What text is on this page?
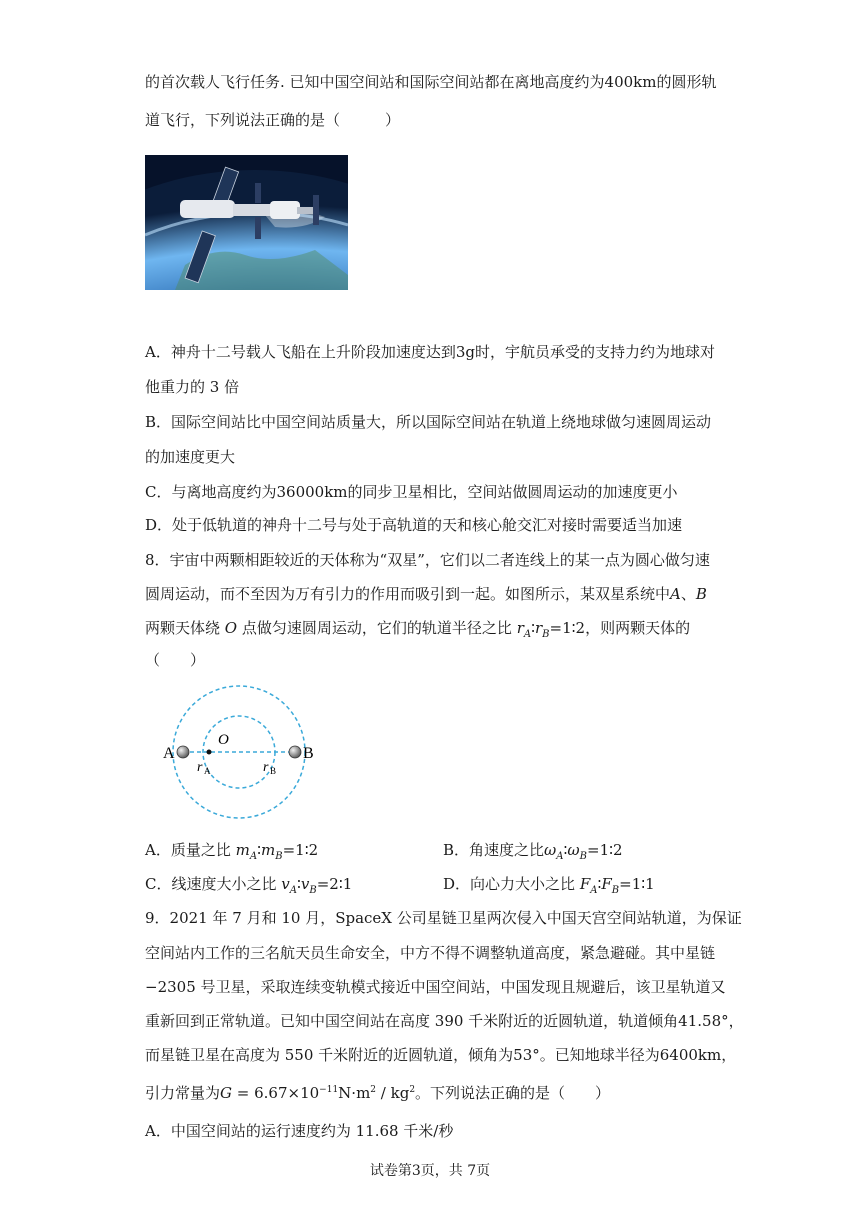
的首次载人飞行任务. 已知中国空间站和国际空间站都在离地高度约为400km的圆形轨
道飞行，下列说法正确的是（　　　）
A．神舟十二号载人飞船在上升阶段加速度达到3g时，宇航员承受的支持力约为地球对
他重力的 3 倍
B．国际空间站比中国空间站质量大，所以国际空间站在轨道上绕地球做匀速圆周运动
的加速度更大
C．与离地高度约为36000km的同步卫星相比，空间站做圆周运动的加速度更小
D．处于低轨道的神舟十二号与处于高轨道的天和核心舱交汇对接时需要适当加速
8．宇宙中两颗相距较近的天体称为“双星”，它们以二者连线上的某一点为圆心做匀速
圆周运动，而不至因为万有引力的作用而吸引到一起。如图所示，某双星系统中A、B
两颗天体绕 O 点做匀速圆周运动，它们的轨道半径之比 $r_A∶r_B=1∶2$，则两颗天体的
（　　）
A	B
O
r A	r B
A．质量之比 $m_A∶m_B=1∶2$	B．角速度之比$\omega_A∶\omega_B=1∶2$
C．线速度大小之比 $v_A∶v_B=2∶1$	D．向心力大小之比 $F_A∶F_B=1∶1$
9．2021 年 7 月和 10 月，SpaceX 公司星链卫星两次侵入中国天宫空间站轨道，为保证
空间站内工作的三名航天员生命安全，中方不得不调整轨道高度，紧急避碰。其中星链
−2305 号卫星，采取连续变轨模式接近中国空间站，中国发现且规避后，该卫星轨道又
重新回到正常轨道。已知中国空间站在高度 390 千米附近的近圆轨道，轨道倾角41.58°，
而星链卫星在高度为 550 千米附近的近圆轨道，倾角为53°。已知地球半径为6400km，
引力常量为$G = 6.67\times 10^{-11}N\cdot m^2 / kg^2$。下列说法正确的是（　　）
A．中国空间站的运行速度约为 11.68 千米/秒
试卷第3页，共 7页
